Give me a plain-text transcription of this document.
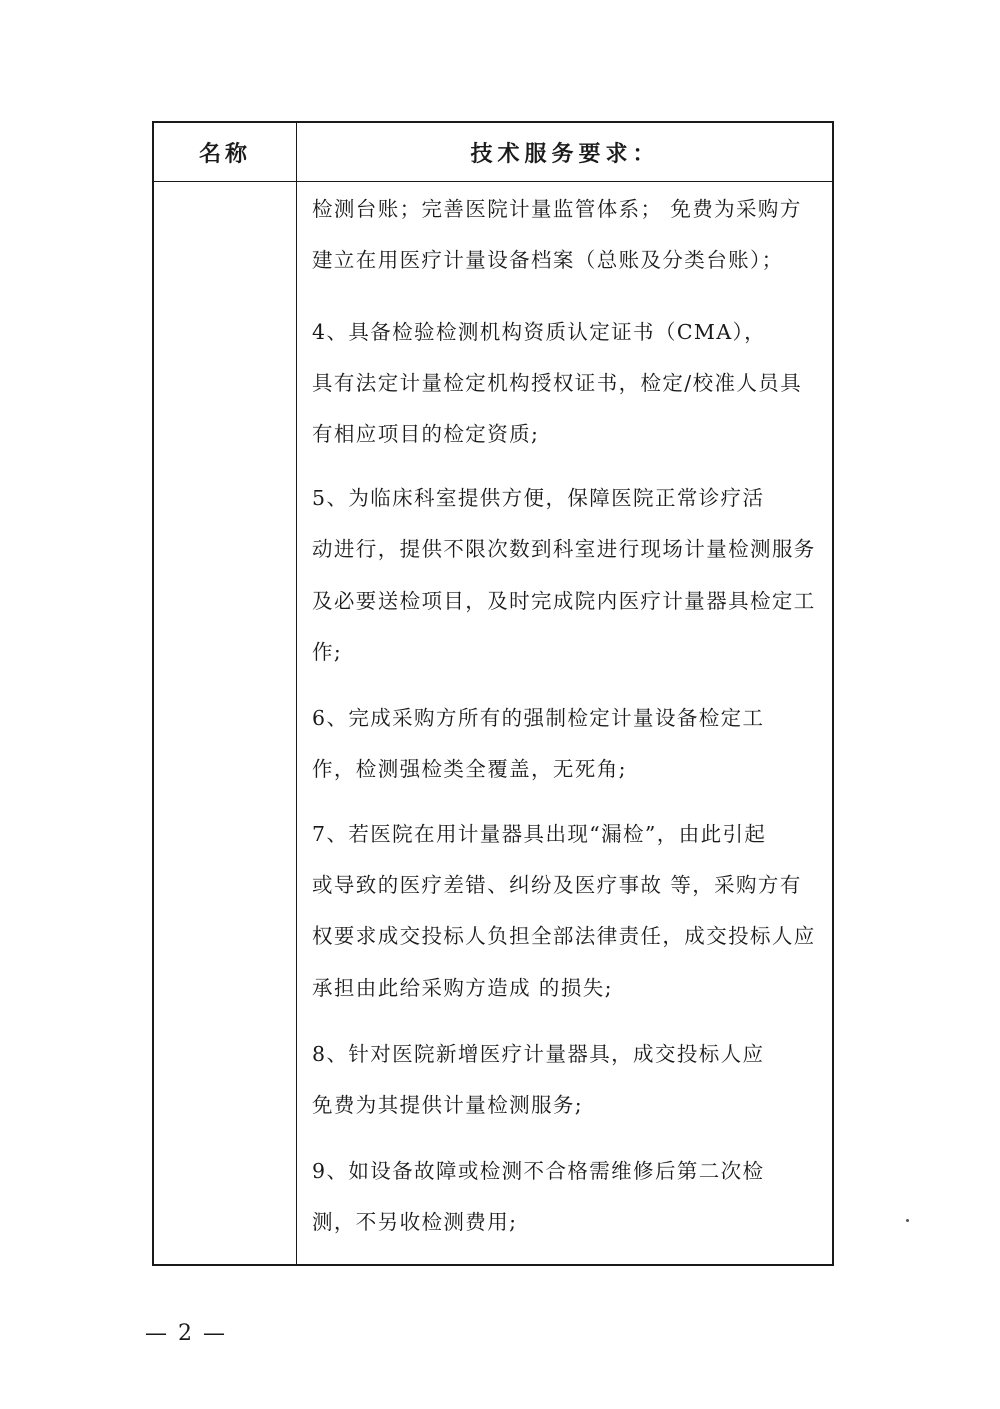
名称	技术服务要求：
检测台账；完善医院计量监管体系； 免费为采购方
建立在用医疗计量设备档案（总账及分类台账）；
4、具备检验检测机构资质认定证书（CMA），
具有法定计量检定机构授权证书，检定/校准人员具
有相应项目的检定资质;
5、为临床科室提供方便，保障医院正常诊疗活
动进行，提供不限次数到科室进行现场计量检测服务
及必要送检项目，及时完成院内医疗计量器具检定工
作;
6、完成采购方所有的强制检定计量设备检定工
作，检测强检类全覆盖，无死角;
7、若医院在用计量器具出现“漏检”，由此引起
或导致的医疗差错、纠纷及医疗事故 等，采购方有
权要求成交投标人负担全部法律责任，成交投标人应
承担由此给采购方造成 的损失;
8、针对医院新增医疗计量器具，成交投标人应
免费为其提供计量检测服务;
9、如设备故障或检测不合格需维修后第二次检
测，不另收检测费用;
— 2 —
